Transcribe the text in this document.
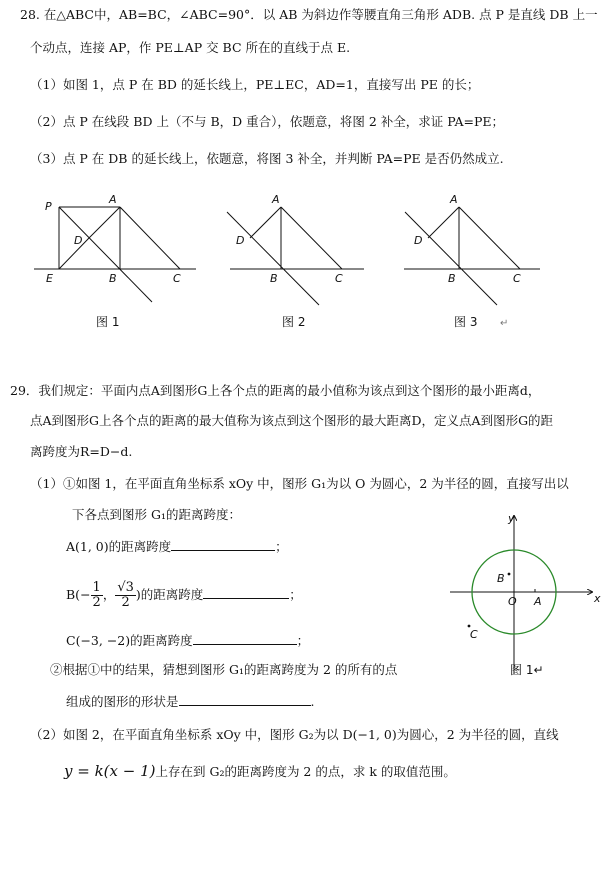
28. 在△ABC中，AB=BC，∠ABC=90°．以 AB 为斜边作等腰直角三角形 ADB. 点 P 是直线 DB 上一
个动点，连接 AP，作 PE⊥AP 交 BC 所在的直线于点 E.
（1）如图 1，点 P 在 BD 的延长线上，PE⊥EC，AD=1，直接写出 PE 的长；
（2）点 P 在线段 BD 上（不与 B，D 重合），依题意，将图 2 补全，求证 PA=PE；
（3）点 P 在 DB 的延长线上，依题意，将图 3 补全，并判断 PA=PE 是否仍然成立.
P
A
D
E	B	C
图 1
A
D
B	C
图 2
A
D
B	C
图 3 ↵
29．我们规定：平面内点A到图形G上各个点的距离的最小值称为该点到这个图形的最小距离d，
点A到图形G上各个点的距离的最大值称为该点到这个图形的最大距离D，定义点A到图形G的距
离跨度为R=D−d.
（1）①如图 1，在平面直角坐标系 xOy 中，图形 G₁为以 O 为圆心，2 为半径的圆，直接写出以
下各点到图形 G₁的距离跨度：
A(1, 0)的距离跨度	；
$B(- \frac{1}{2}$ ， $\frac{√3}{2}$ )的距离跨度	；
C(−3, −2)的距离跨度	；
②根据①中的结果，猜想到图形 G₁的距离跨度为 2 的所有的点
组成的图形的形状是	.
（2）如图 2，在平面直角坐标系 xOy 中，图形 G₂为以 D(−1, 0)为圆心，2 为半径的圆，直线
y = k(x − 1)上存在到 G₂的距离跨度为 2 的点，求 k 的取值范围。
y
x
O A
B
C
图 1↵
